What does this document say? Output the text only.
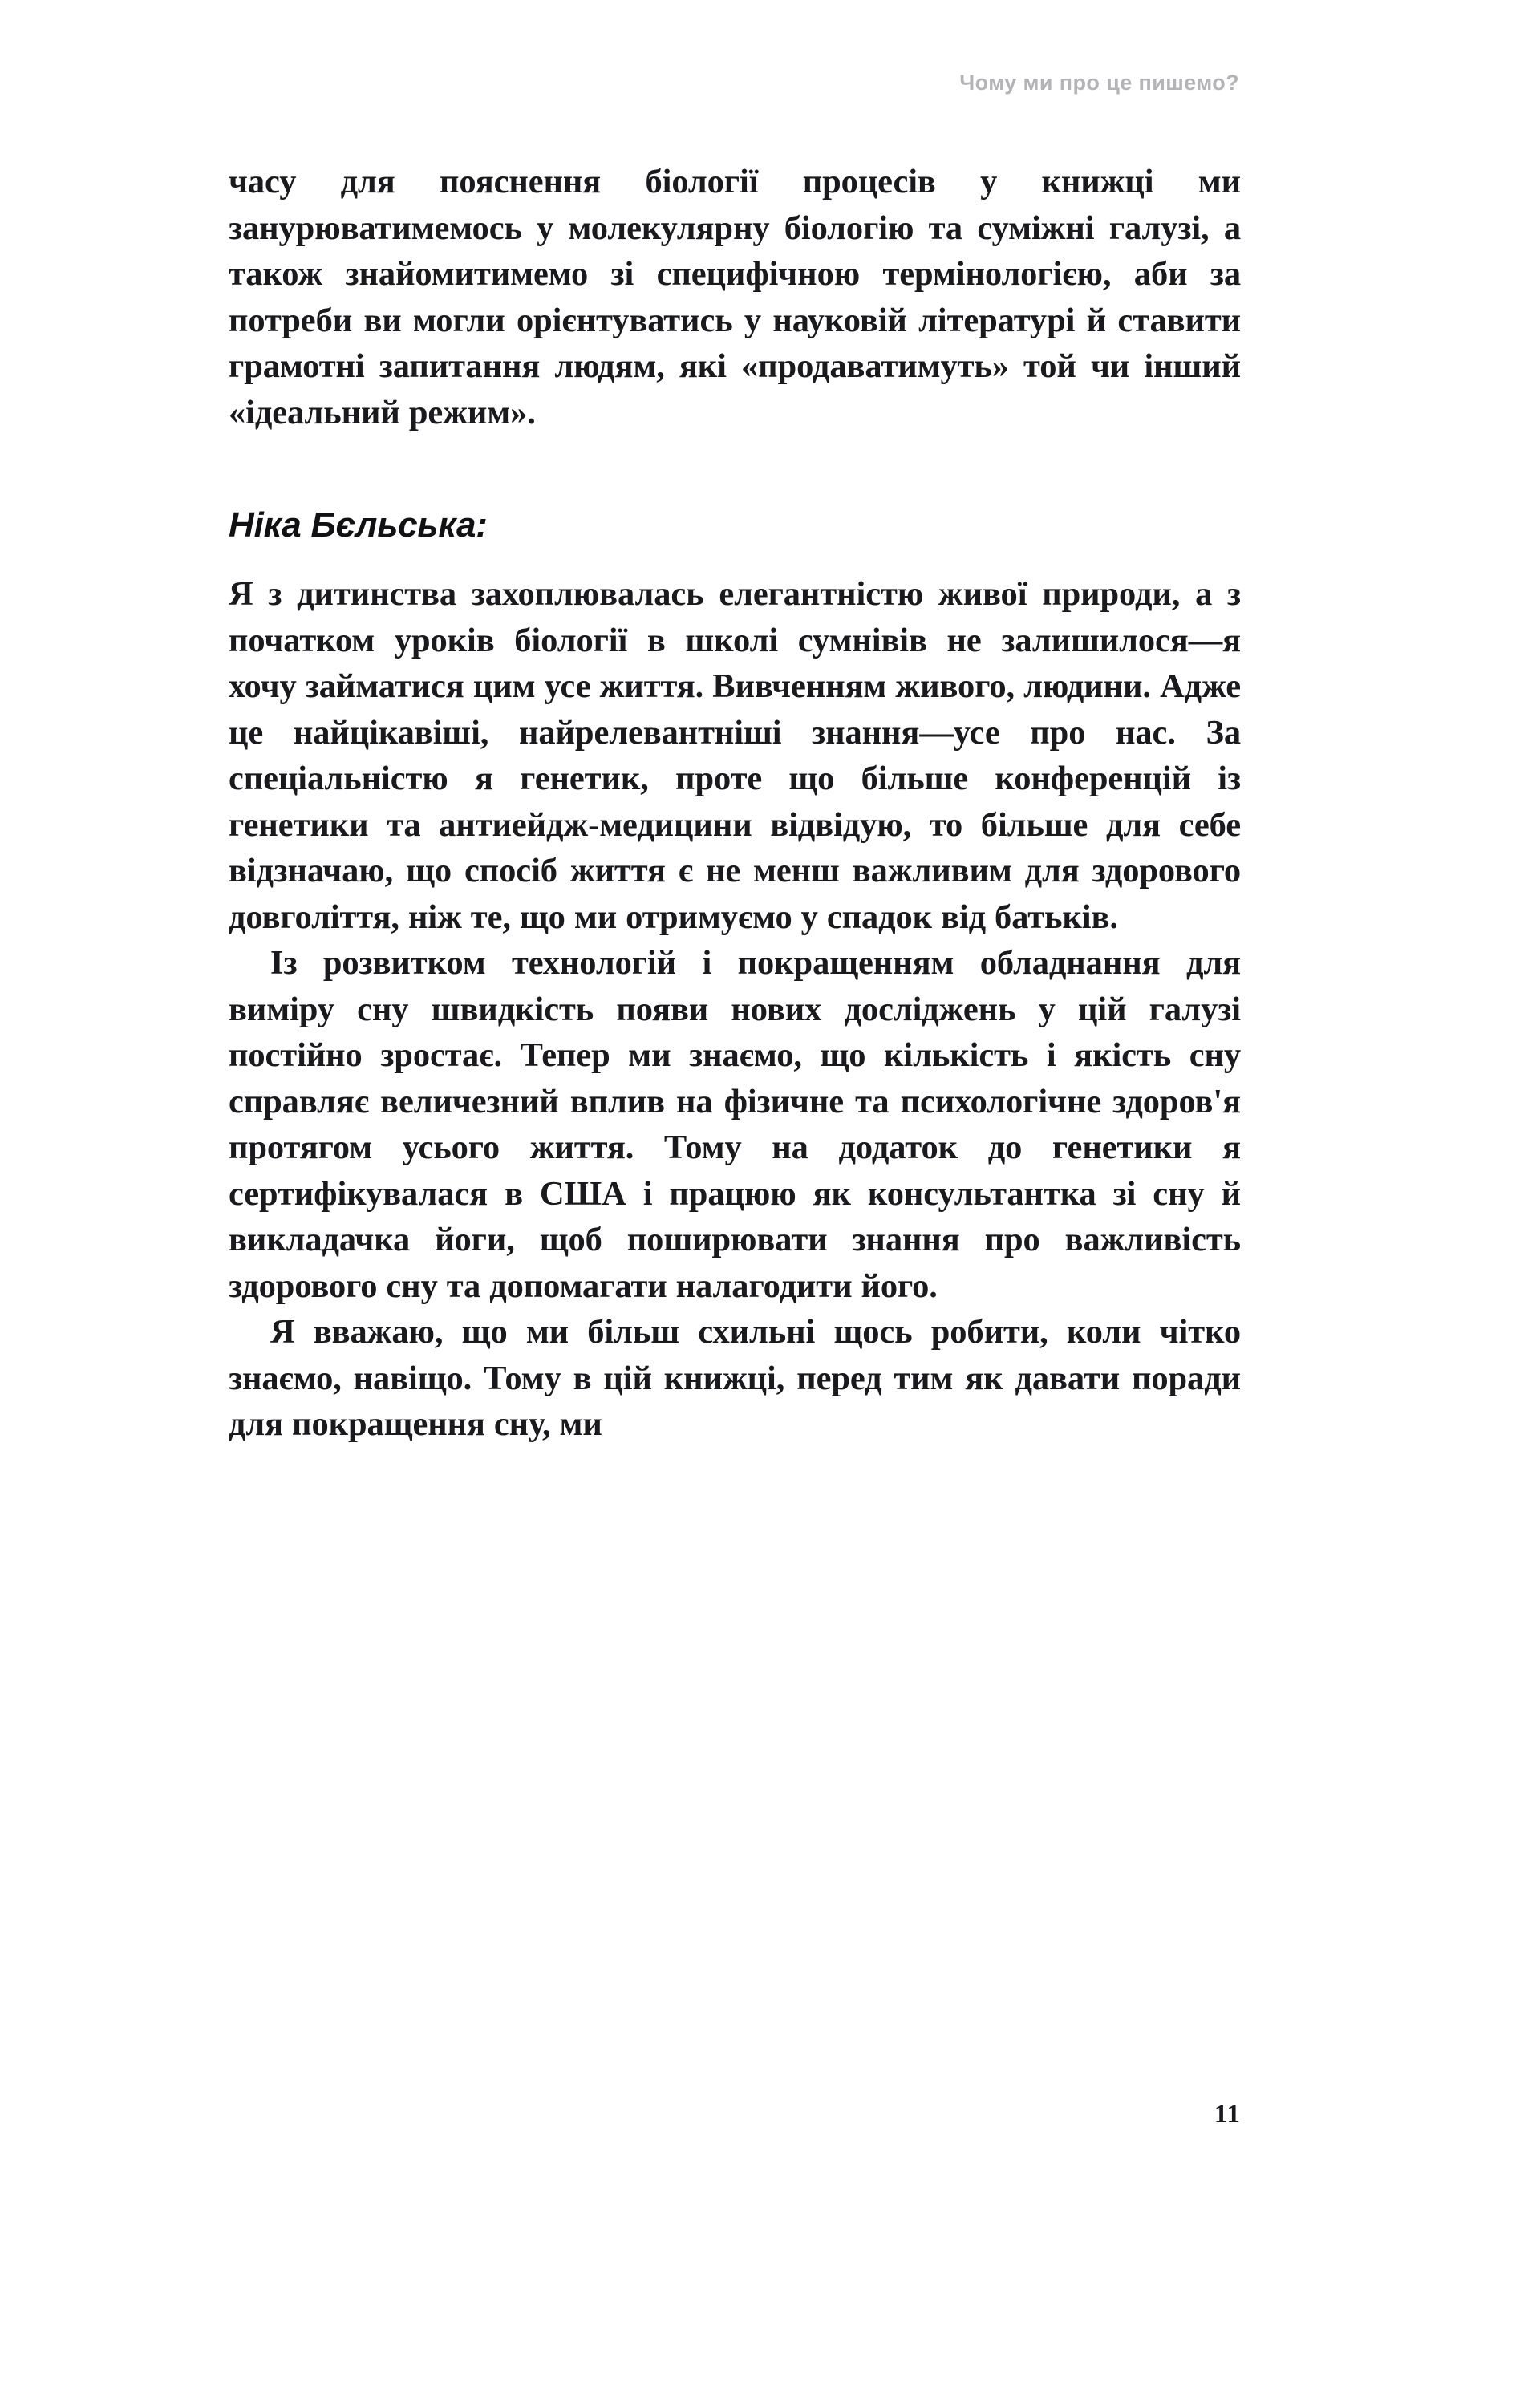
Чому ми про це пишемо?

часу для пояснення біології процесів у книжці ми занурюватимемось у молекулярну біологію та суміжні галузі, а також знайомитимемо зі специфічною термінологією, аби за потреби ви могли орієнтуватись у науковій літературі й ставити грамотні запитання людям, які «продаватимуть» той чи інший «ідеальний режим».

Ніка Бєльська:

Я з дитинства захоплювалась елегантністю живої природи, а з початком уроків біології в школі сумнівів не залишилося—я хочу займатися цим усе життя. Вивченням живого, людини. Адже це найцікавіші, найрелевантніші знання—усе про нас. За спеціальністю я генетик, проте що більше конференцій із генетики та антиейдж-медицини відвідую, то більше для себе відзначаю, що спосіб життя є не менш важливим для здорового довголіття, ніж те, що ми отримуємо у спадок від батьків.

Із розвитком технологій і покращенням обладнання для виміру сну швидкість появи нових досліджень у цій галузі постійно зростає. Тепер ми знаємо, що кількість і якість сну справляє величезний вплив на фізичне та психологічне здоров'я протягом усього життя. Тому на додаток до генетики я сертифікувалася в США і працюю як консультантка зі сну й викладачка йоги, щоб поширювати знання про важливість здорового сну та допомагати налагодити його.

Я вважаю, що ми більш схильні щось робити, коли чітко знаємо, навіщо. Тому в цій книжці, перед тим як давати поради для покращення сну, ми

11
